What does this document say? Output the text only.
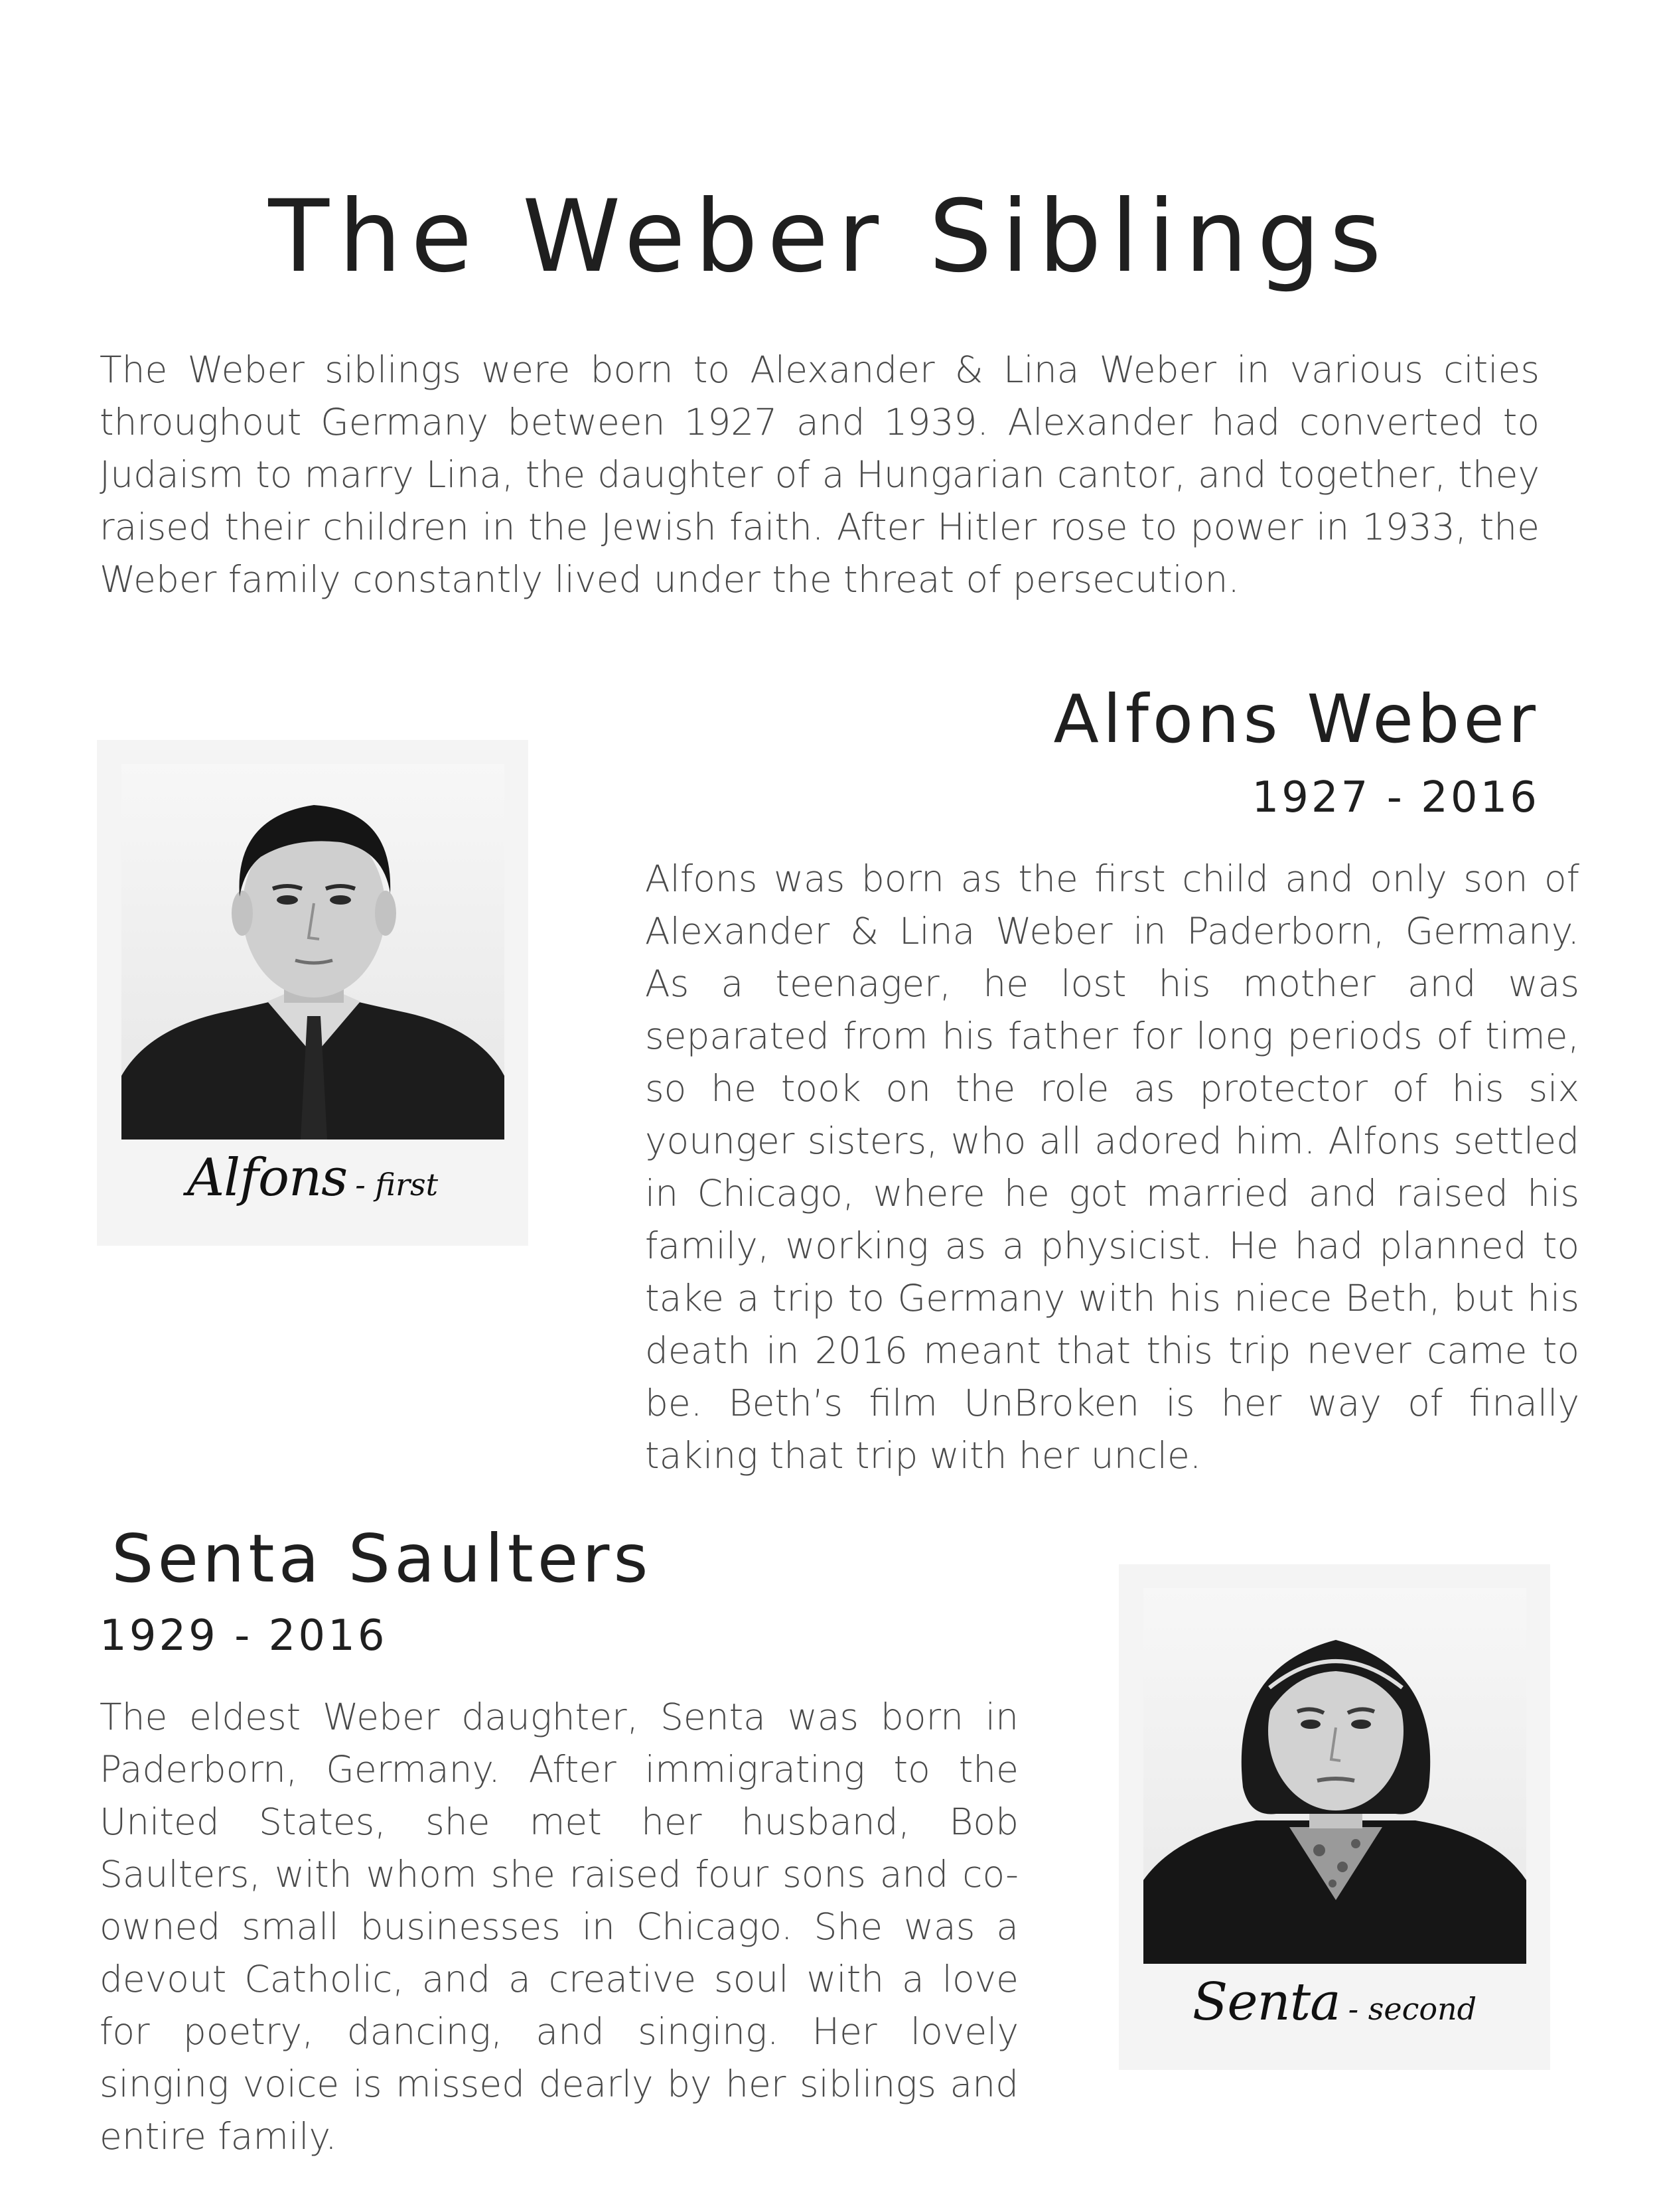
The Weber Siblings

The Weber siblings were born to Alexander & Lina Weber in various cities throughout Germany between 1927 and 1939. Alexander had converted to Judaism to marry Lina, the daughter of a Hungarian cantor, and together, they raised their children in the Jewish faith. After Hitler rose to power in 1933, the Weber family constantly lived under the threat of persecution.

Alfons - first
Alfons Weber
1927 - 2016

Alfons was born as the first child and only son of Alexander & Lina Weber in Paderborn, Germany. As a teenager, he lost his mother and was separated from his father for long periods of time, so he took on the role as protector of his six younger sisters, who all adored him. Alfons settled in Chicago, where he got married and raised his family, working as a physicist. He had planned to take a trip to Germany with his niece Beth, but his death in 2016 meant that this trip never came to be. Beth’s film UnBroken is her way of finally taking that trip with her uncle.

Senta Saulters
1929 - 2016

The eldest Weber daughter, Senta was born in Paderborn, Germany. After immigrating to the United States, she met her husband, Bob Saulters, with whom she raised four sons and co-owned small businesses in Chicago. She was a devout Catholic, and a creative soul with a love for poetry, dancing, and singing. Her lovely singing voice is missed dearly by her siblings and entire family.

Senta - second
